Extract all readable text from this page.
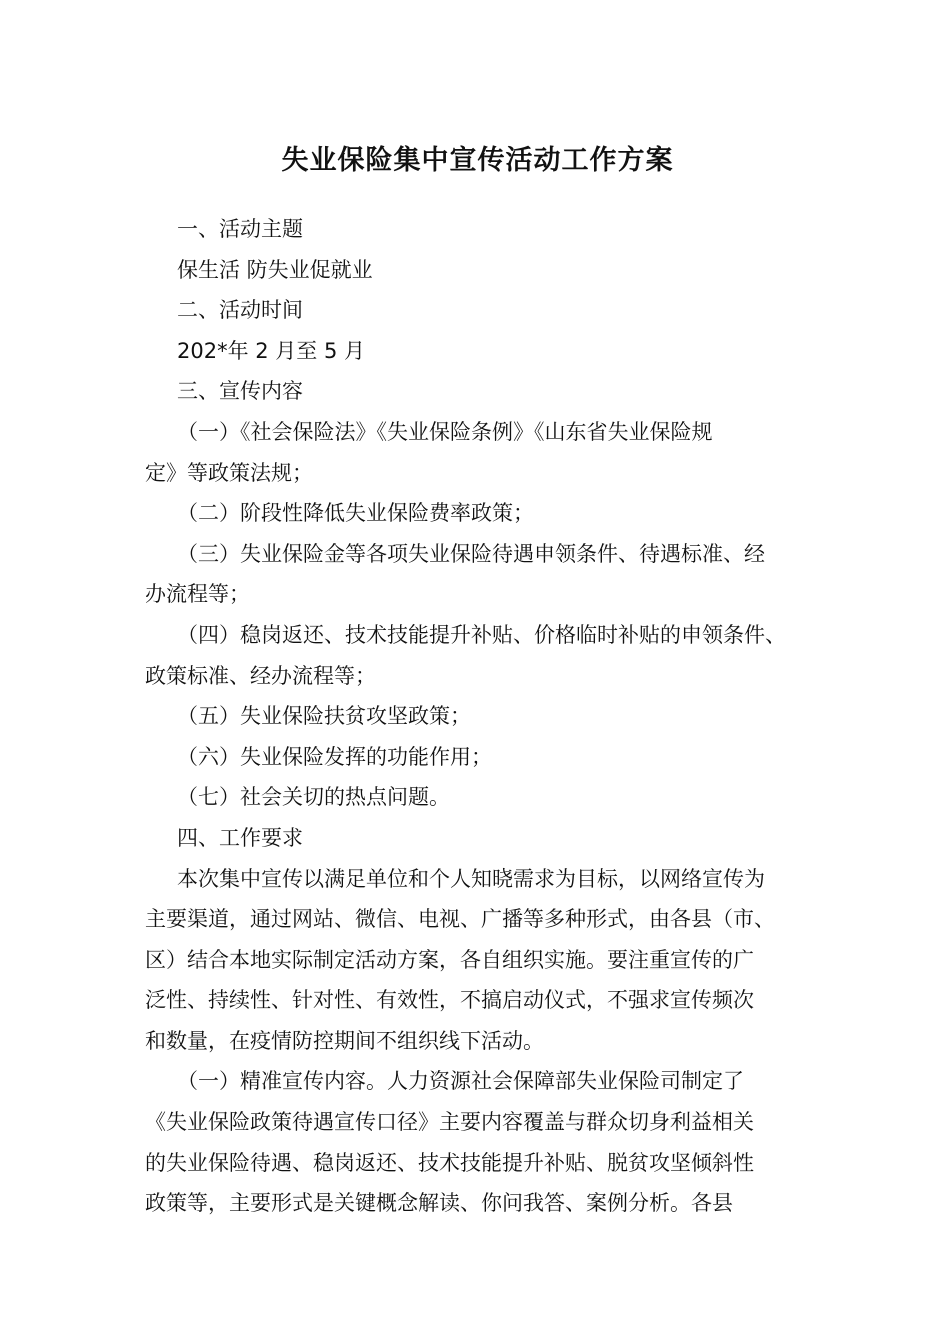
失业保险集中宣传活动工作方案

一、活动主题

保生活 防失业促就业

二、活动时间

202*年 2 月至 5 月

三、宣传内容

（一）《社会保险法》《失业保险条例》《山东省失业保险规

定》等政策法规；

（二）阶段性降低失业保险费率政策；

（三）失业保险金等各项失业保险待遇申领条件、待遇标准、经

办流程等；

（四）稳岗返还、技术技能提升补贴、价格临时补贴的申领条件、

政策标准、经办流程等；

（五）失业保险扶贫攻坚政策；

（六）失业保险发挥的功能作用；

（七）社会关切的热点问题。

四、工作要求

本次集中宣传以满足单位和个人知晓需求为目标，以网络宣传为

主要渠道，通过网站、微信、电视、广播等多种形式，由各县（市、

区）结合本地实际制定活动方案，各自组织实施。要注重宣传的广

泛性、持续性、针对性、有效性，不搞启动仪式，不强求宣传频次

和数量，在疫情防控期间不组织线下活动。

（一）精准宣传内容。人力资源社会保障部失业保险司制定了

《失业保险政策待遇宣传口径》主要内容覆盖与群众切身利益相关

的失业保险待遇、稳岗返还、技术技能提升补贴、脱贫攻坚倾斜性

政策等，主要形式是关键概念解读、你问我答、案例分析。各县
